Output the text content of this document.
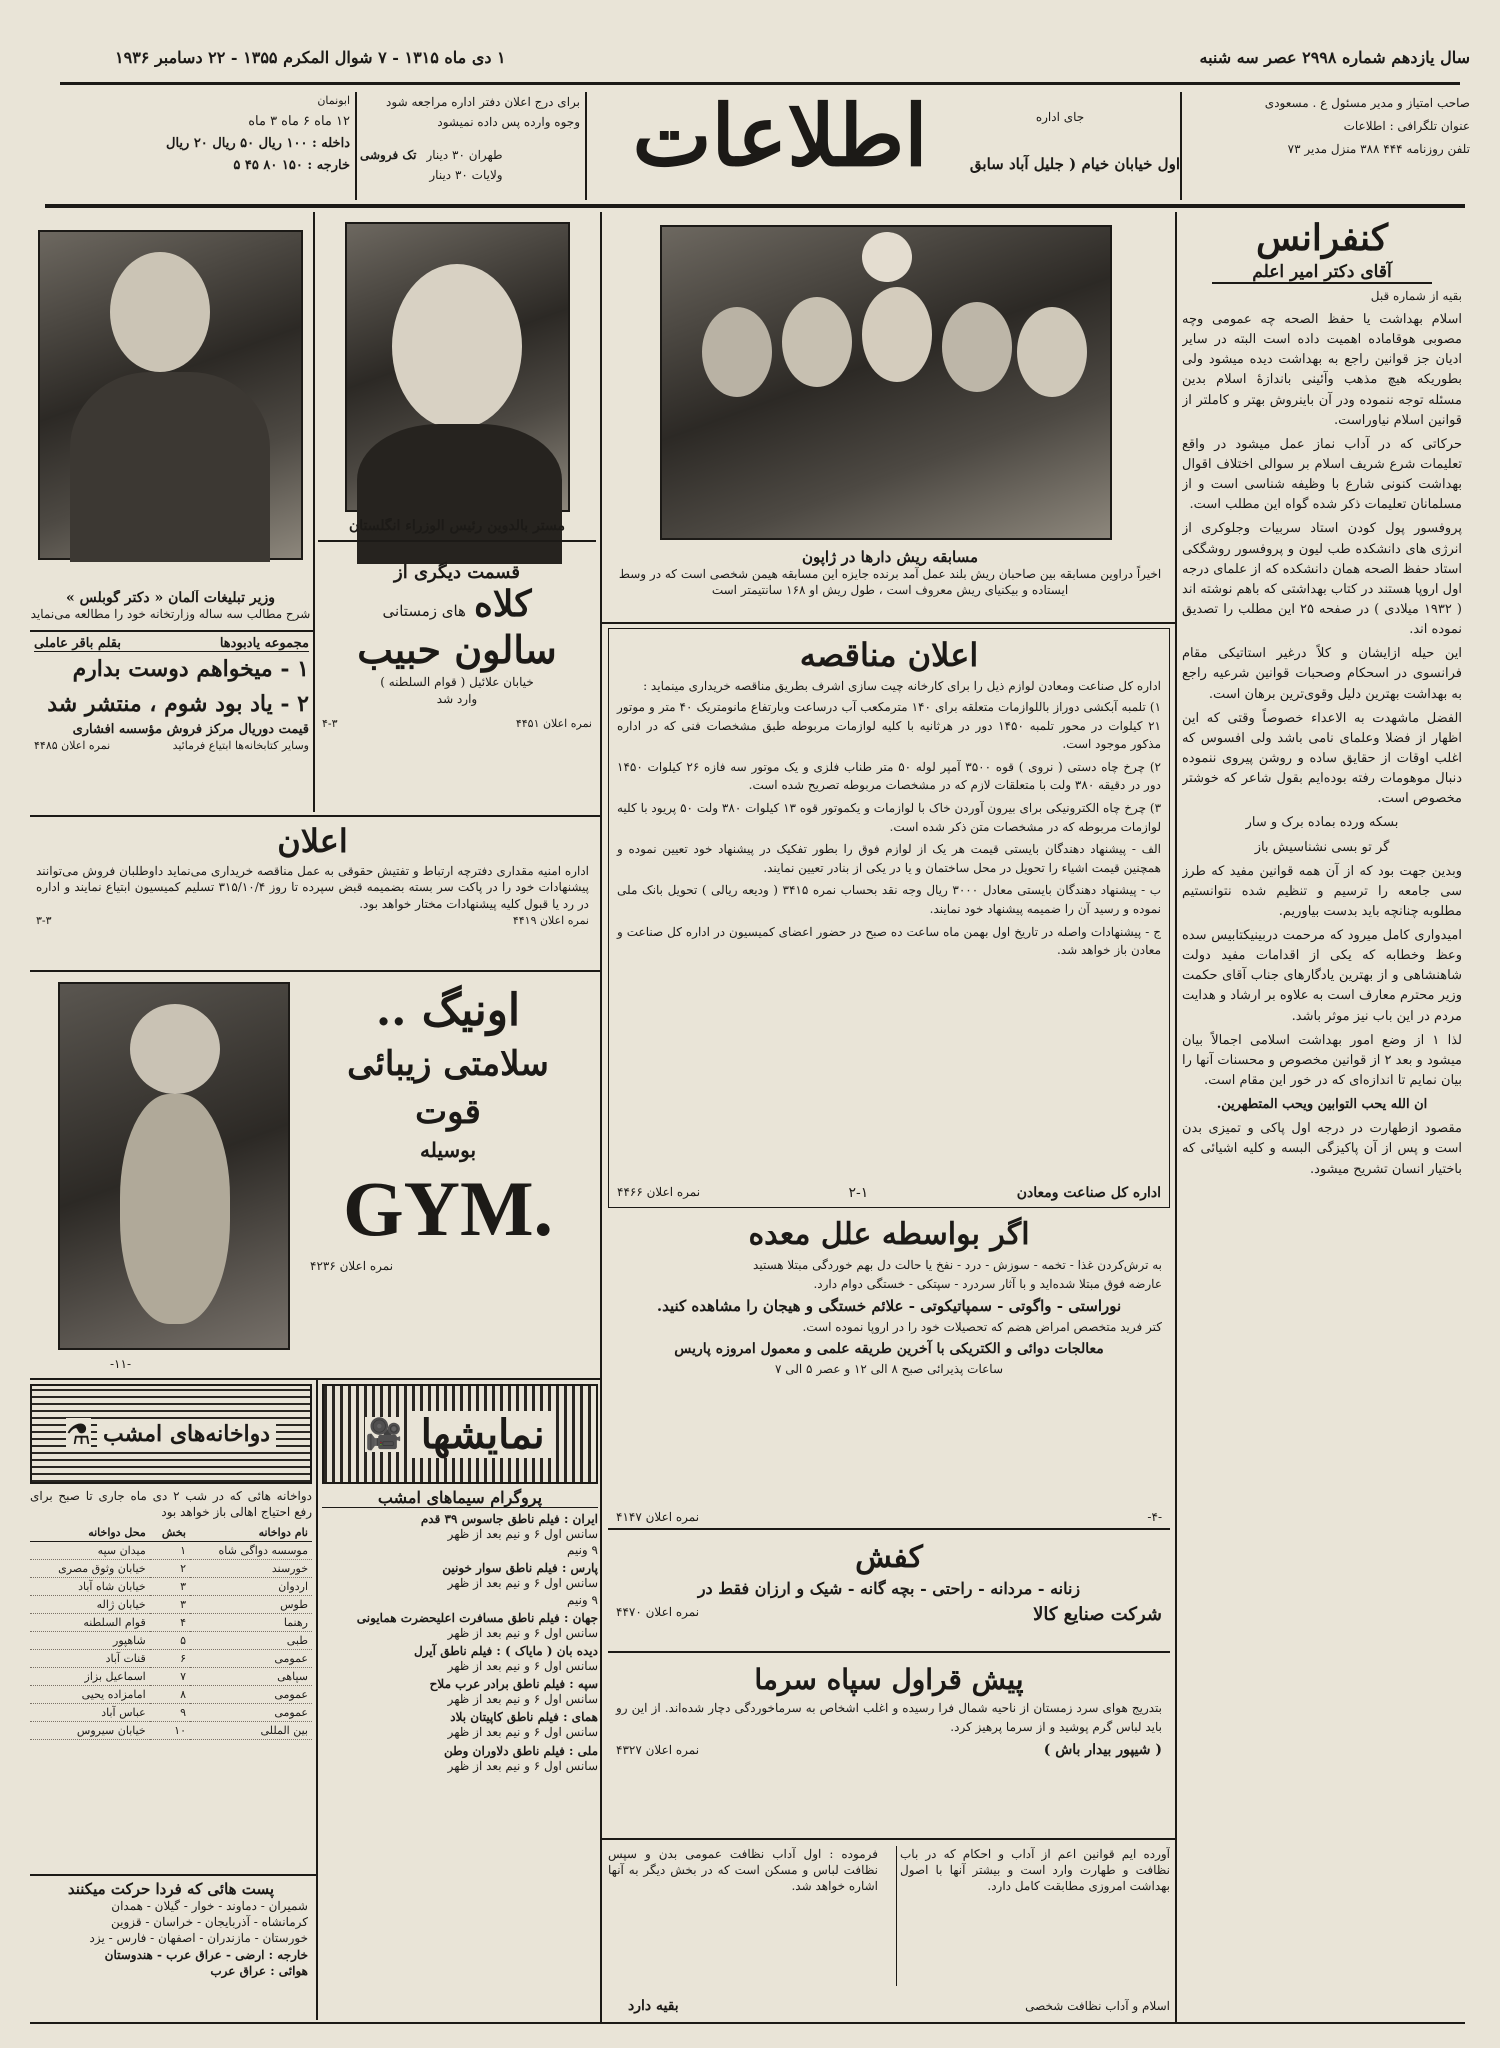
سال یازدهم شماره ۲۹۹۸ عصر سه شنبه
۱ دی ماه ۱۳۱۵ - ۷ شوال المکرم ۱۳۵۵ - ۲۲ دسامبر ۱۹۳۶
صاحب امتیاز و مدیر مسئول ع . مسعودی
عنوان تلگرافی : اطلاعات
تلفن روزنامه ۴۴۴ ۳۸۸ منزل مدیر ۷۳
اطلاعات	جای اداره
اول خیابان خیام ( جلیل آباد سابق
برای درج اعلان دفتر اداره مراجعه شود
وجوه وارده پس داده نمیشود
طهران ۳۰ دینار
ولایات ۳۰ دینار
تک فروشی
ابونمان
۱۲ ماه ۶ ماه ۳ ماه
داخله : ۱۰۰ ریال ۵۰ ریال ۲۰ ریال
خارجه : ۱۵۰ ۸۰ ۴۵ ۵
کنفرانس
آقای دکتر امیر اعلم
بقیه از شماره قبل

اسلام بهداشت یا حفظ الصحه چه عمومی وچه مصوبی هوقاماده اهمیت داده است البته در سایر ادیان جز قوانین راجع به بهداشت دیده میشود ولی بطوریکه هیچ مذهب وآئینی باندازهٔ اسلام بدین مسئله توجه ننموده ودر آن باینروش بهتر و کاملتر از قوانین اسلام نیاوراست.

حرکاتی که در آداب نماز عمل میشود در واقع تعلیمات شرع شریف اسلام بر سوالی اختلاف اقوال بهداشت کنونی شارع با وظیفه شناسی است و از مسلمانان تعلیمات ذکر شده گواه این مطلب است.

پروفسور پول کودن استاد سربیات وجلوکری از انرژی های دانشکده طب لیون و پروفسور روشگکی استاد حفظ الصحه همان دانشکده که از علمای درجه اول اروپا هستند در کتاب بهداشتی که باهم نوشته اند ( ۱۹۳۲ میلادی ) در صفحه ۲۵ این مطلب را تصدیق نموده اند.

این حیله ازایشان و کلاً درغیر استاتیکی مقام فرانسوی در اسحکام وصحبات قوانین شرعیه راجع به بهداشت بهترین دلیل وقوی‌ترین برهان است.

الفضل ماشهدت به الاعداء خصوصاً وقتی که این اظهار از فضلا وعلمای نامی باشد ولی افسوس که اغلب اوقات از حقایق ساده و روشن پیروی ننموده دنبال موهومات رفته بوده‌ایم بقول شاعر که خوشتر مخصوص است.

بسکه ورده بماده برک و سار

گر تو بسی نشناسیش باز

وبدین جهت بود که از آن همه قوانین مفید که طرز سی جامعه را ترسیم و تنظیم شده نتوانستیم مطلوبه چنانچه باید بدست بیاوریم.

امیدواری کامل میرود که مرحمت دربینیکتابیس سده وعظ وخطابه که یکی از اقدامات مفید دولت شاهنشاهی و از بهترین یادگارهای جناب آقای حکمت وزیر محترم معارف است به علاوه بر ارشاد و هدایت مردم در این باب نیز موثر باشد.

لذا ۱ از وضع امور بهداشت اسلامی اجمالاً بیان میشود و بعد ۲ از قوانین مخصوص و محسنات آنها را بیان نمایم تا اندازه‌ای که در خور این مقام است.

ان الله یحب التوابین ویحب المتطهرین.

مقصود ازطهارت در درجه اول پاکی و تمیزی بدن است و پس از آن پاکیزگی البسه و کلیه اشیائی که باختیار انسان تشریح میشود.

مسابقه ریش دارها در ژاپون
اخیراً دراوین مسابقه بین صاحبان ریش بلند عمل آمد برنده جایزه این مسابقه هیمن شخصی است که در وسط ایستاده و بیکنیای ریش معروف است ، طول ریش او ۱۶۸ سانتیمتر است
اعلان مناقصه
اداره کل صناعت ومعادن لوازم ذیل را برای کارخانه چیت سازی اشرف بطریق مناقصه خریداری مینماید :

۱) تلمبه آبکشی دوراز باللوازمات متعلقه برای ۱۴۰ مترمکعب آب درساعت وبارتفاع مانومتریک ۴۰ متر و موتور ۲۱ کیلوات در محور تلمبه ۱۴۵۰ دور در هرثانیه با کلیه لوازمات مربوطه طبق مشخصات فنی که در اداره مذکور موجود است.

۲) چرخ چاه دستی ( نروی ) قوه ۳۵۰۰ آمپر لوله ۵۰ متر طناب فلزی و یک موتور سه فازه ۲۶ کیلوات ۱۴۵۰ دور در دقیقه ۳۸۰ ولت با متعلقات لازم که در مشخصات مربوطه تصریح شده است.

۳) چرخ چاه الکترونیکی برای بیرون آوردن خاک با لوازمات و یکموتور قوه ۱۳ کیلوات ۳۸۰ ولت ۵۰ پریود با کلیه لوازمات مربوطه که در مشخصات متن ذکر شده است.

الف - پیشنهاد دهندگان بایستی قیمت هر یک از لوازم فوق را بطور تفکیک در پیشنهاد خود تعیین نموده و همچنین قیمت اشیاء را تحویل در محل ساختمان و یا در یکی از بنادر تعیین نمایند.

ب - پیشنهاد دهندگان بایستی معادل ۳۰۰۰ ریال وجه نقد بحساب نمره ۳۴۱۵ ( ودیعه ریالی ) تحویل بانک ملی نموده و رسید آن را ضمیمه پیشنهاد خود نمایند.

ج - پیشنهادات واصله در تاریخ اول بهمن ماه ساعت ده صبح در حضور اعضای کمیسیون در اداره کل صناعت و معادن باز خواهد شد.

اداره کل صناعت ومعادن
۲-۱
نمره اعلان ۴۴۶۶
اگر بواسطه علل معده

به ترش‌کردن غذا - تخمه - سوزش - درد - نفخ یا حالت دل بهم خوردگی مبتلا هستید

عارضه فوق مبتلا شده‌اید و با آثار سردرد - سپتکی - خستگی دوام دارد.

نوراستی - واگوتی - سمپاتیکوتی - علائم خستگی و هیجان را مشاهده کنید.

کتر فرید متخصص امراض هضم که تحصیلات خود را در اروپا نموده است.

معالجات دوائی و الکتریکی با آخرین طریقه علمی و معمول امروزه پاریس

ساعات پذیرائی صبح ۸ الی ۱۲ و عصر ۵ الی ۷

-۴-
نمره اعلان ۴۱۴۷
کفش
زنانه - مردانه - راحتی - بچه گانه - شیک و ارزان فقط در
شرکت صنایع کالا
نمره اعلان ۴۴۷۰
پیش قراول سپاه سرما
بتدریج هوای سرد زمستان از ناحیه شمال فرا رسیده و اغلب اشخاص به سرماخوردگی دچار شده‌اند. از این رو باید لباس گرم پوشید و از سرما پرهیز کرد.
( شیپور بیدار باش )
نمره اعلان ۴۳۲۷
آورده ایم قوانین اعم از آداب و احکام که در باب نظافت و طهارت وارد است و بیشتر آنها با اصول بهداشت امروزی مطابقت کامل دارد.
فرموده : اول آداب نظافت عمومی بدن و سپس نظافت لباس و مسکن است که در بخش دیگر به آنها اشاره خواهد شد.
اسلام و آداب نظافت شخصی
بقیه دارد
مستر بالدوین رئیس الوزراء انگلستان
وزیر تبلیغات آلمان « دکتر گوبلس »
شرح مطالب سه ساله وزارتخانه خود را مطالعه می‌نماید
مجموعه یادبودها
بقلم باقر عاملی
۱ - میخواهم دوست بدارم
۲ - یاد بود شوم ، منتشر شد
قیمت دوریال مرکز فروش مؤسسه افشاری
وسایر کتابخانه‌ها ابتیاع فرمائید
نمره اعلان ۴۴۸۵
قسمت دیگری از
کلاه
های زمستانی
سالون حبیب
خیابان علائیل ( قوام السلطنه )
وارد شد
نمره اعلان ۴۴۵۱
۴-۳
اعلان
اداره امنیه مقداری دفترچه ارتباط و تفتیش حقوقی به عمل مناقصه خریداری می‌نماید داوطلبان فروش می‌توانند پیشنهادات خود را در پاکت سر بسته بضمیمه قبض سپرده تا روز ۳۱۵/۱۰/۴ تسلیم کمیسیون ابتیاع نمایند و اداره در رد یا قبول کلیه پیشنهادات مختار خواهد بود.
نمره اعلان ۴۴۱۹
۳-۳
اونیگ ..
سلامتی زیبائی
قوت
بوسیله
GYM.
نمره اعلان ۴۲۳۶
-۱۱-
نمایشها
🎥
پروگرام سیماهای امشب
ایران : فیلم ناطق جاسوس ۳۹ قدم
سانس اول ۶ و نیم بعد از ظهر
۹ ونیم
پارس : فیلم ناطق سوار خونین
سانس اول ۶ و نیم بعد از ظهر
۹ ونیم
جهان : فیلم ناطق مسافرت اعلیحضرت همایونی
سانس اول ۶ و نیم بعد از ظهر
دیده بان ( مایاک ) : فیلم ناطق آیرل
سانس اول ۶ و نیم بعد از ظهر
سپه : فیلم ناطق برادر عرب ملاح
سانس اول ۶ و نیم بعد از ظهر
همای : فیلم ناطق کاپیتان بلاد
سانس اول ۶ و نیم بعد از ظهر
ملی : فیلم ناطق دلاوران وطن
سانس اول ۶ و نیم بعد از ظهر
دواخانه‌های امشب
⚗
دواخانه هائی که در شب ۲ دی ماه جاری تا صبح برای رفع احتیاج اهالی باز خواهد بود
نام دواخانه	بخش	محل دواخانه
موسسه دواگی شاه	۱	میدان سپه
خورسند	۲	خیابان وثوق مصری
اردوان	۳	خیابان شاه آباد
طوس	۳	خیابان ژاله
رهنما	۴	قوام السلطنه
طبی	۵	شاهپور
عمومی	۶	قنات آباد
سپاهی	۷	اسماعیل بزاز
عمومی	۸	امامزاده یحیی
عمومی	۹	عباس آباد
بین المللی	۱۰	خیابان سیروس
پست هائی که فردا حرکت میکنند
شمیران - دماوند - خوار - گیلان - همدان
کرمانشاه - آذربایجان - خراسان - قزوین
خورستان - مازندران - اصفهان - فارس - یزد
خارجه : ارضی - عراق عرب - هندوستان
هوائی : عراق عرب
